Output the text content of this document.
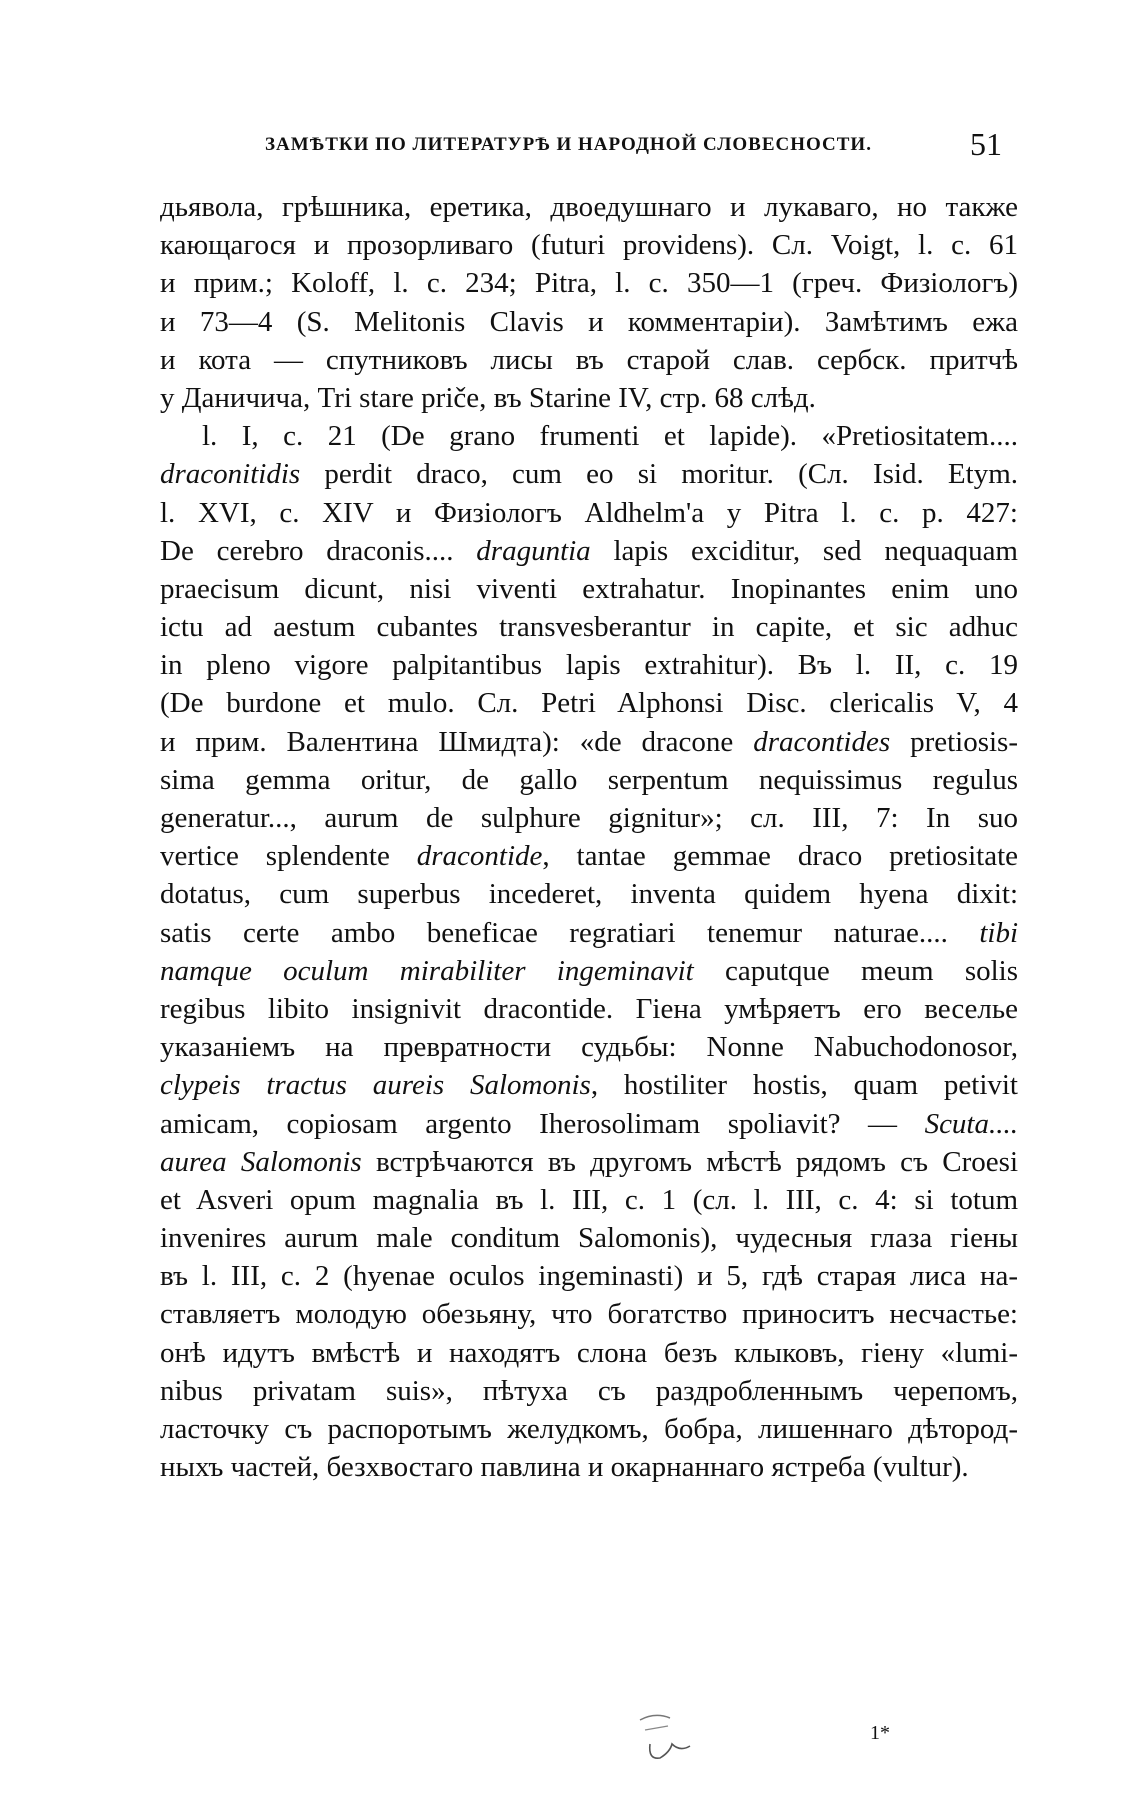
ЗАМѢТКИ ПО ЛИТЕРАТУРѢ И НАРОДНОЙ СЛОВЕСНОСТИ.	51
дьявола, грѣшника, еретика, двоедушнаго и лукаваго, но также
кающагося и прозорливаго (futuri providens). Сл. Voigt, l. c. 61
и прим.; Koloff, l. c. 234; Pitra, l. c. 350—1 (греч. Физіологъ)
и 73—4 (S. Melitonis Clavis и комментаріи). Замѣтимъ ежа
и кота — спутниковъ лисы въ старой слав. сербск. притчѣ
у Даничича, Tri stare priče, въ Starine IV, стр. 68 слѣд.
l. I, c. 21 (De grano frumenti et lapide). «Pretiositatem....
draconitidis perdit draco, cum eo si moritur. (Сл. Isid. Etym.
l. XVI, c. XIV и Физіологъ Aldhelm'a у Pitra l. c. p. 427:
De cerebro draconis.... draguntia lapis exciditur, sed nequaquam
praecisum dicunt, nisi viventi extrahatur. Inopinantes enim uno
ictu ad aestum cubantes transvesberantur in capite, et sic adhuc
in pleno vigore palpitantibus lapis extrahitur). Въ l. II, c. 19
(De burdone et mulo. Сл. Petri Alphonsi Disc. clericalis V, 4
и прим. Валентина Шмидта): «de dracone dracontides pretiosis-
sima gemma oritur, de gallo serpentum nequissimus regulus
generatur..., aurum de sulphure gignitur»; сл. III, 7: In suo
vertice splendente dracontide, tantae gemmae draco pretiositate
dotatus, cum superbus incederet, inventa quidem hyena dixit:
satis certe ambo beneficae regratiari tenemur naturae.... tibi
namque oculum mirabiliter ingeminavit caputque meum solis
regibus libito insignivit dracontide. Гіена умѣряетъ его веселье
указаніемъ на превратности судьбы: Nonne Nabuchodonosor,
clypeis tractus aureis Salomonis, hostiliter hostis, quam petivit
amicam, copiosam argento Iherosolimam spoliavit? — Scuta....
aurea Salomonis встрѣчаются въ другомъ мѣстѣ рядомъ съ Croesi
et Asveri opum magnalia въ l. III, c. 1 (сл. l. III, c. 4: si totum
invenires aurum male conditum Salomonis), чудесныя глаза гіены
въ l. III, c. 2 (hyenae oculos ingeminasti) и 5, гдѣ старая лиса на-
ставляетъ молодую обезьяну, что богатство приноситъ несчастье:
онѣ идутъ вмѣстѣ и находятъ слона безъ клыковъ, гіену «lumi-
nibus privatam suis», пѣтуха съ раздробленнымъ черепомъ,
ласточку съ распоротымъ желудкомъ, бобра, лишеннаго дѣтород-
ныхъ частей, безхвостаго павлина и окарнаннаго ястреба (vultur).
1*
